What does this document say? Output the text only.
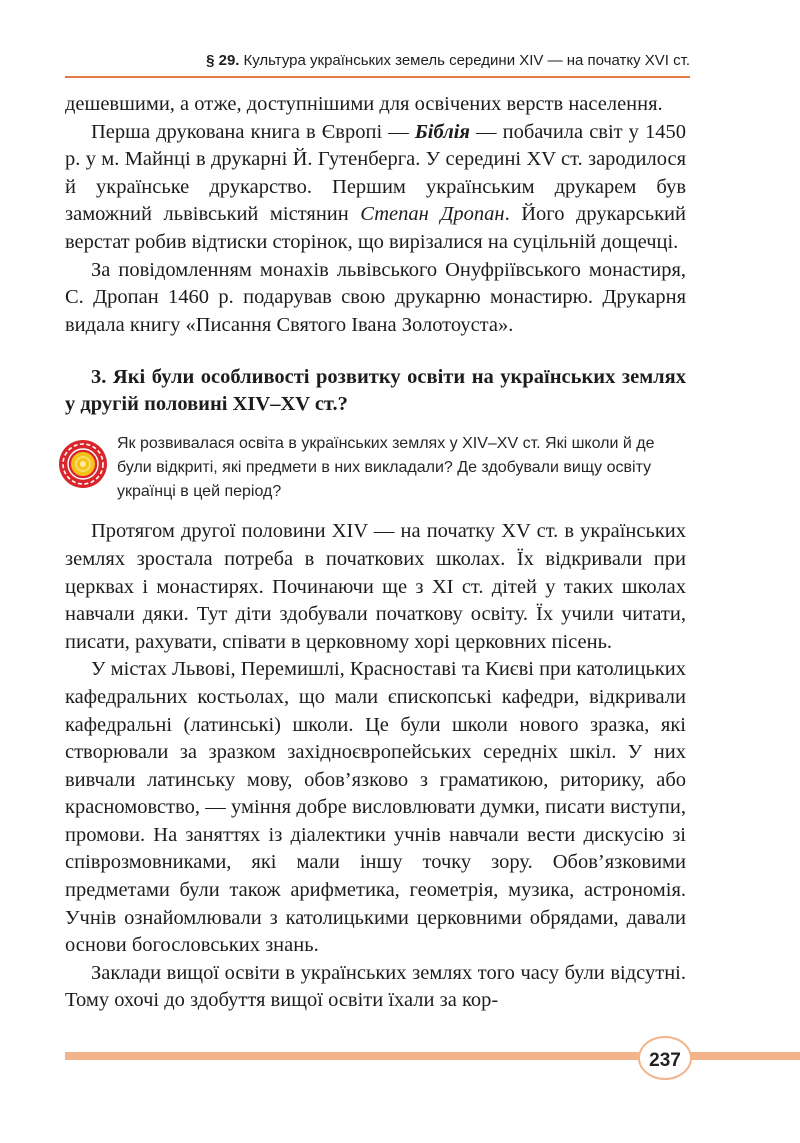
§ 29. Культура українських земель середини XIV — на початку XVI ст.

дешевшими, а отже, доступнішими для освічених верств населення.

Перша друкована книга в Європі — Біблія — побачила світ у 1450 р. у м. Майнці в друкарні Й. Гутенберга. У середині XV ст. зародилося й українське друкарство. Першим українським друкарем був заможний львівський містянин Степан Дропан. Його друкарський верстат робив відтиски сторінок, що вирізалися на суцільній дощечці.

За повідомленням монахів львівського Онуфріївського монастиря, С. Дропан 1460 р. подарував свою друкарню монастирю. Друкарня видала книгу «Писання Святого Івана Золотоуста».

3. Які були особливості розвитку освіти на українських землях у другій половині XIV–XV ст.?

Як розвивалася освіта в українських землях у XIV–XV ст. Які школи й де були відкриті, які предмети в них викладали? Де здобували вищу освіту українці в цей період?

Протягом другої половини XIV — на початку XV ст. в українських землях зростала потреба в початкових школах. Їх відкривали при церквах і монастирях. Починаючи ще з XI ст. дітей у таких школах навчали дяки. Тут діти здобували початкову освіту. Їх учили читати, писати, рахувати, співати в церковному хорі церковних пісень.

У містах Львові, Перемишлі, Красноставі та Києві при католицьких кафедральних костьолах, що мали єпископські кафедри, відкривали кафедральні (латинські) школи. Це були школи нового зразка, які створювали за зразком західноєвропейських середніх шкіл. У них вивчали латинську мову, обов’язково з граматикою, риторику, або красномовство, — уміння добре висловлювати думки, писати виступи, промови. На заняттях із діалектики учнів навчали вести дискусію зі співрозмовниками, які мали іншу точку зору. Обов’язковими предметами були також арифметика, геометрія, музика, астрономія. Учнів ознайомлювали з католицькими церковними обрядами, давали основи богословських знань.

Заклади вищої освіти в українських землях того часу були відсутні. Тому охочі до здобуття вищої освіти їхали за кор-

237
